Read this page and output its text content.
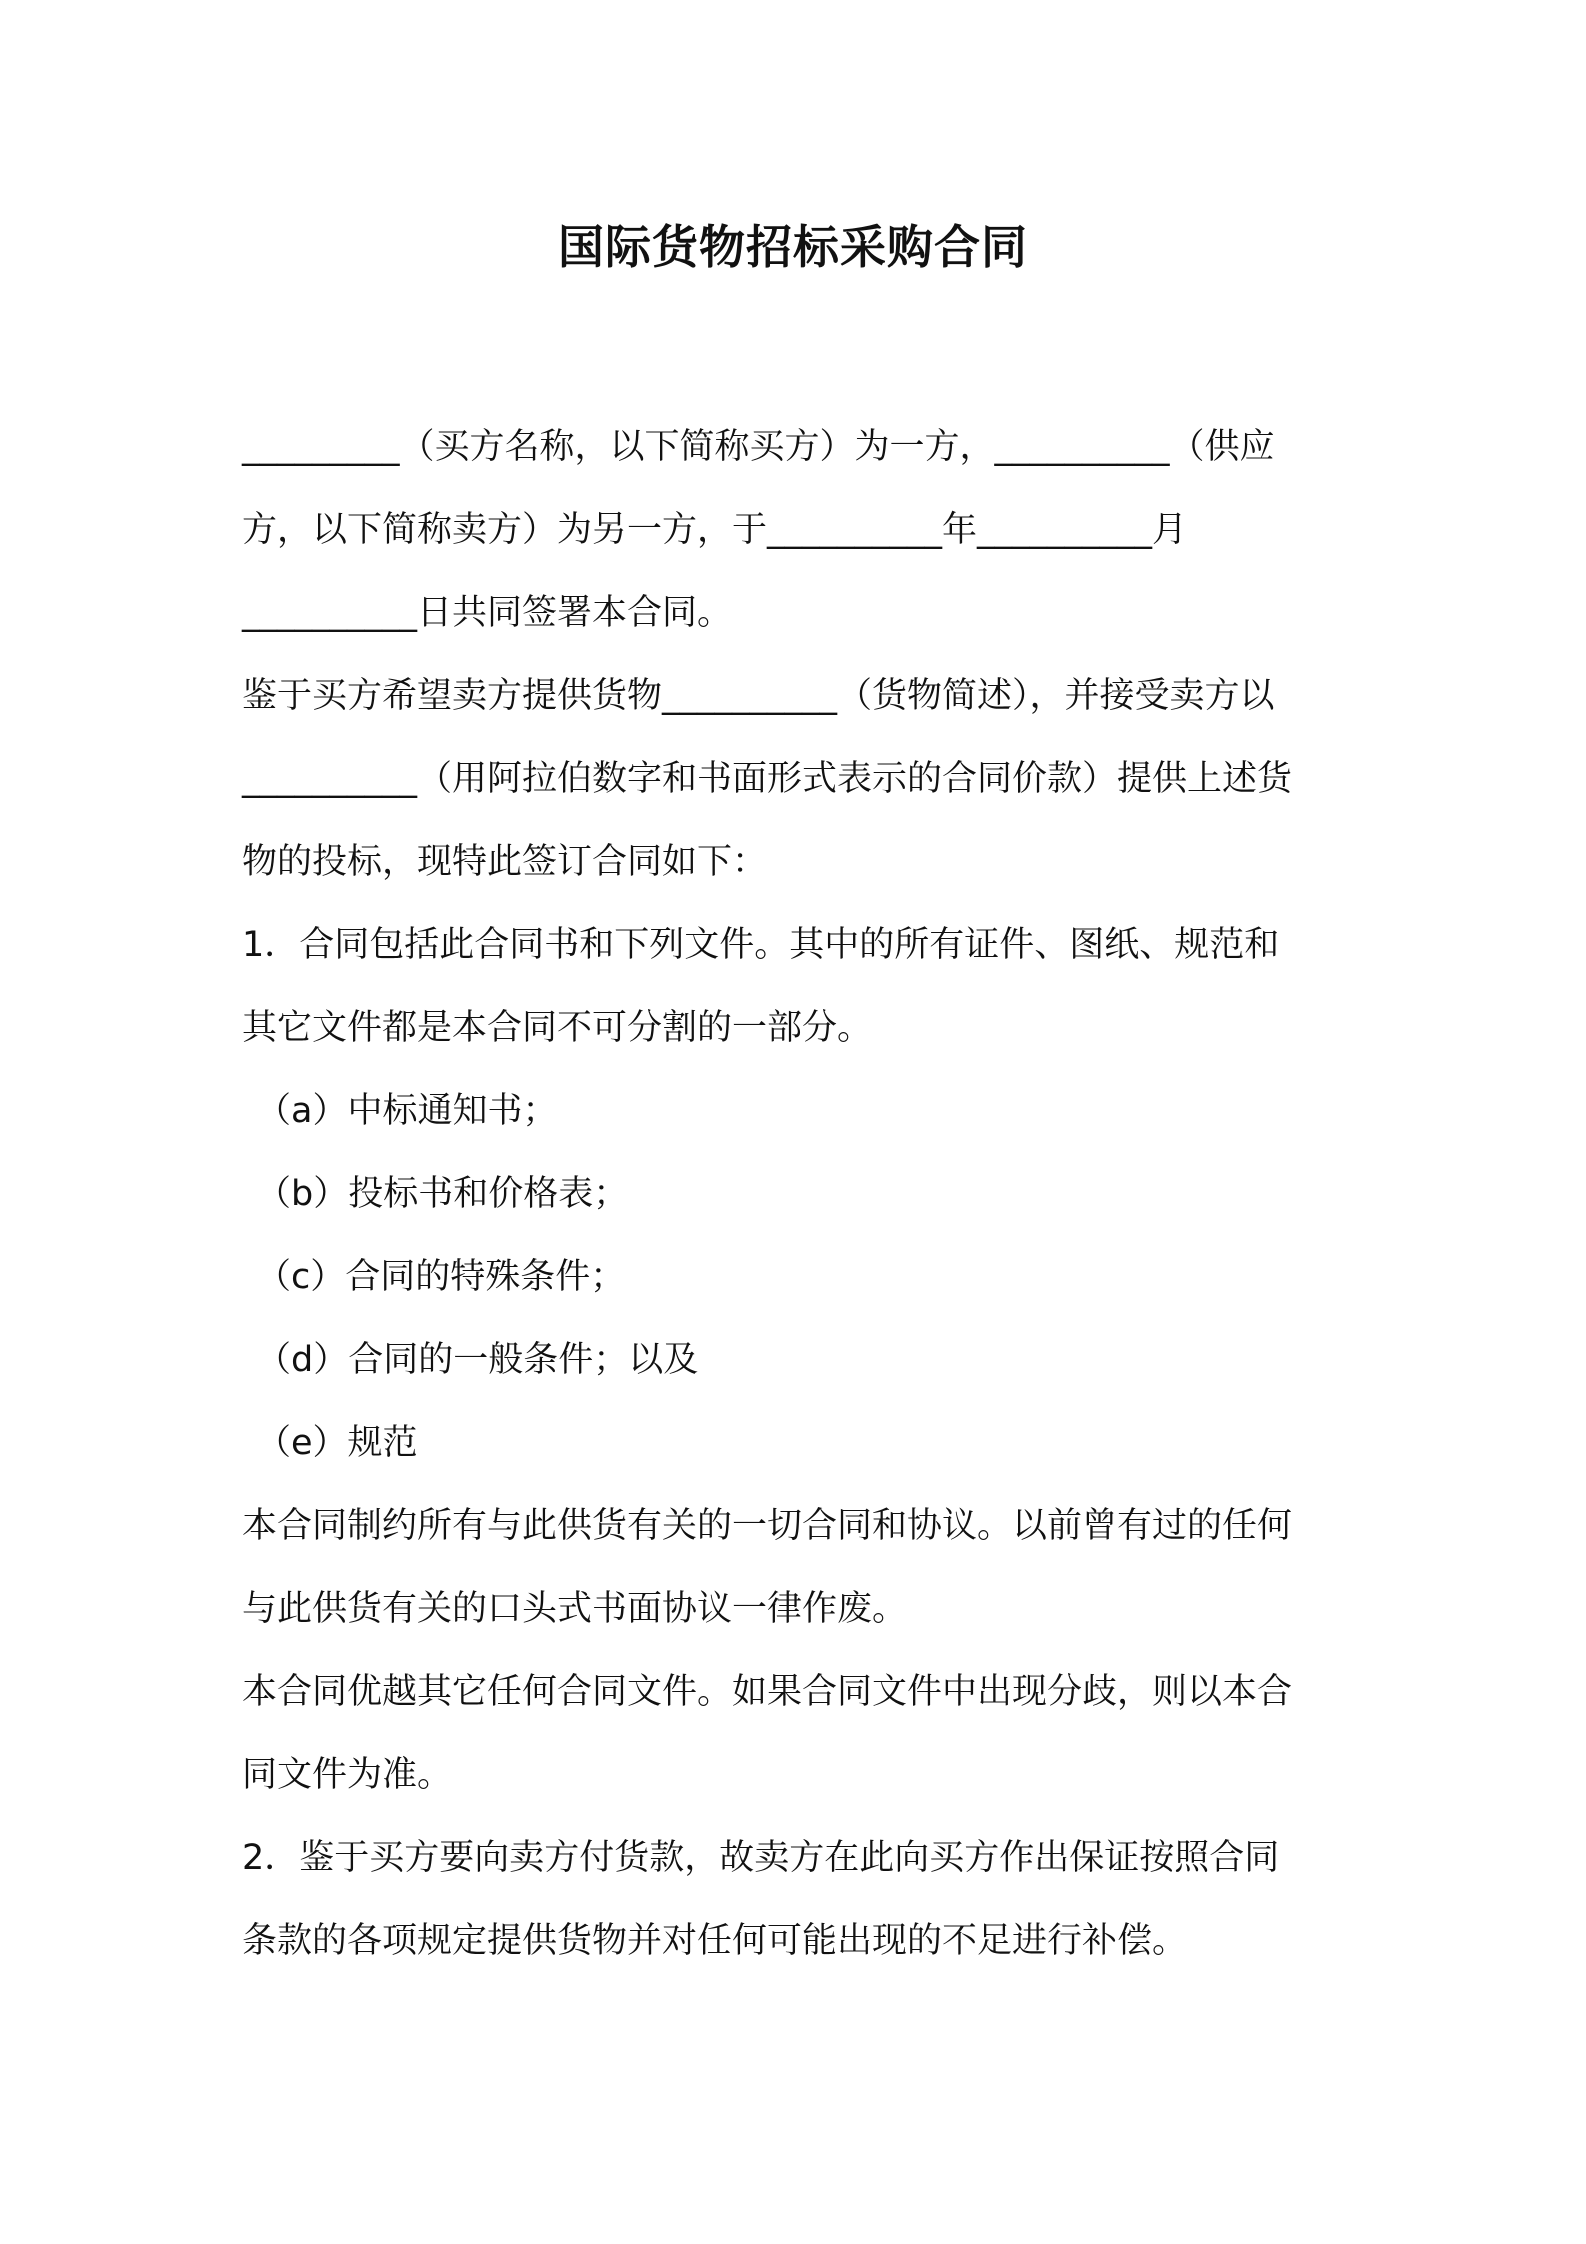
国际货物招标采购合同
_________（买方名称，以下简称买方）为一方，__________（供应
方，以下简称卖方）为另一方，于__________年__________月
__________日共同签署本合同。
鉴于买方希望卖方提供货物__________（货物简述），并接受卖方以
__________（用阿拉伯数字和书面形式表示的合同价款）提供上述货
物的投标，现特此签订合同如下：
1．合同包括此合同书和下列文件。其中的所有证件、图纸、规范和
其它文件都是本合同不可分割的一部分。
（a）中标通知书；
（b）投标书和价格表；
（c）合同的特殊条件；
（d）合同的一般条件；以及
（e）规范
本合同制约所有与此供货有关的一切合同和协议。以前曾有过的任何
与此供货有关的口头式书面协议一律作废。
本合同优越其它任何合同文件。如果合同文件中出现分歧，则以本合
同文件为准。
2．鉴于买方要向卖方付货款，故卖方在此向买方作出保证按照合同
条款的各项规定提供货物并对任何可能出现的不足进行补偿。
